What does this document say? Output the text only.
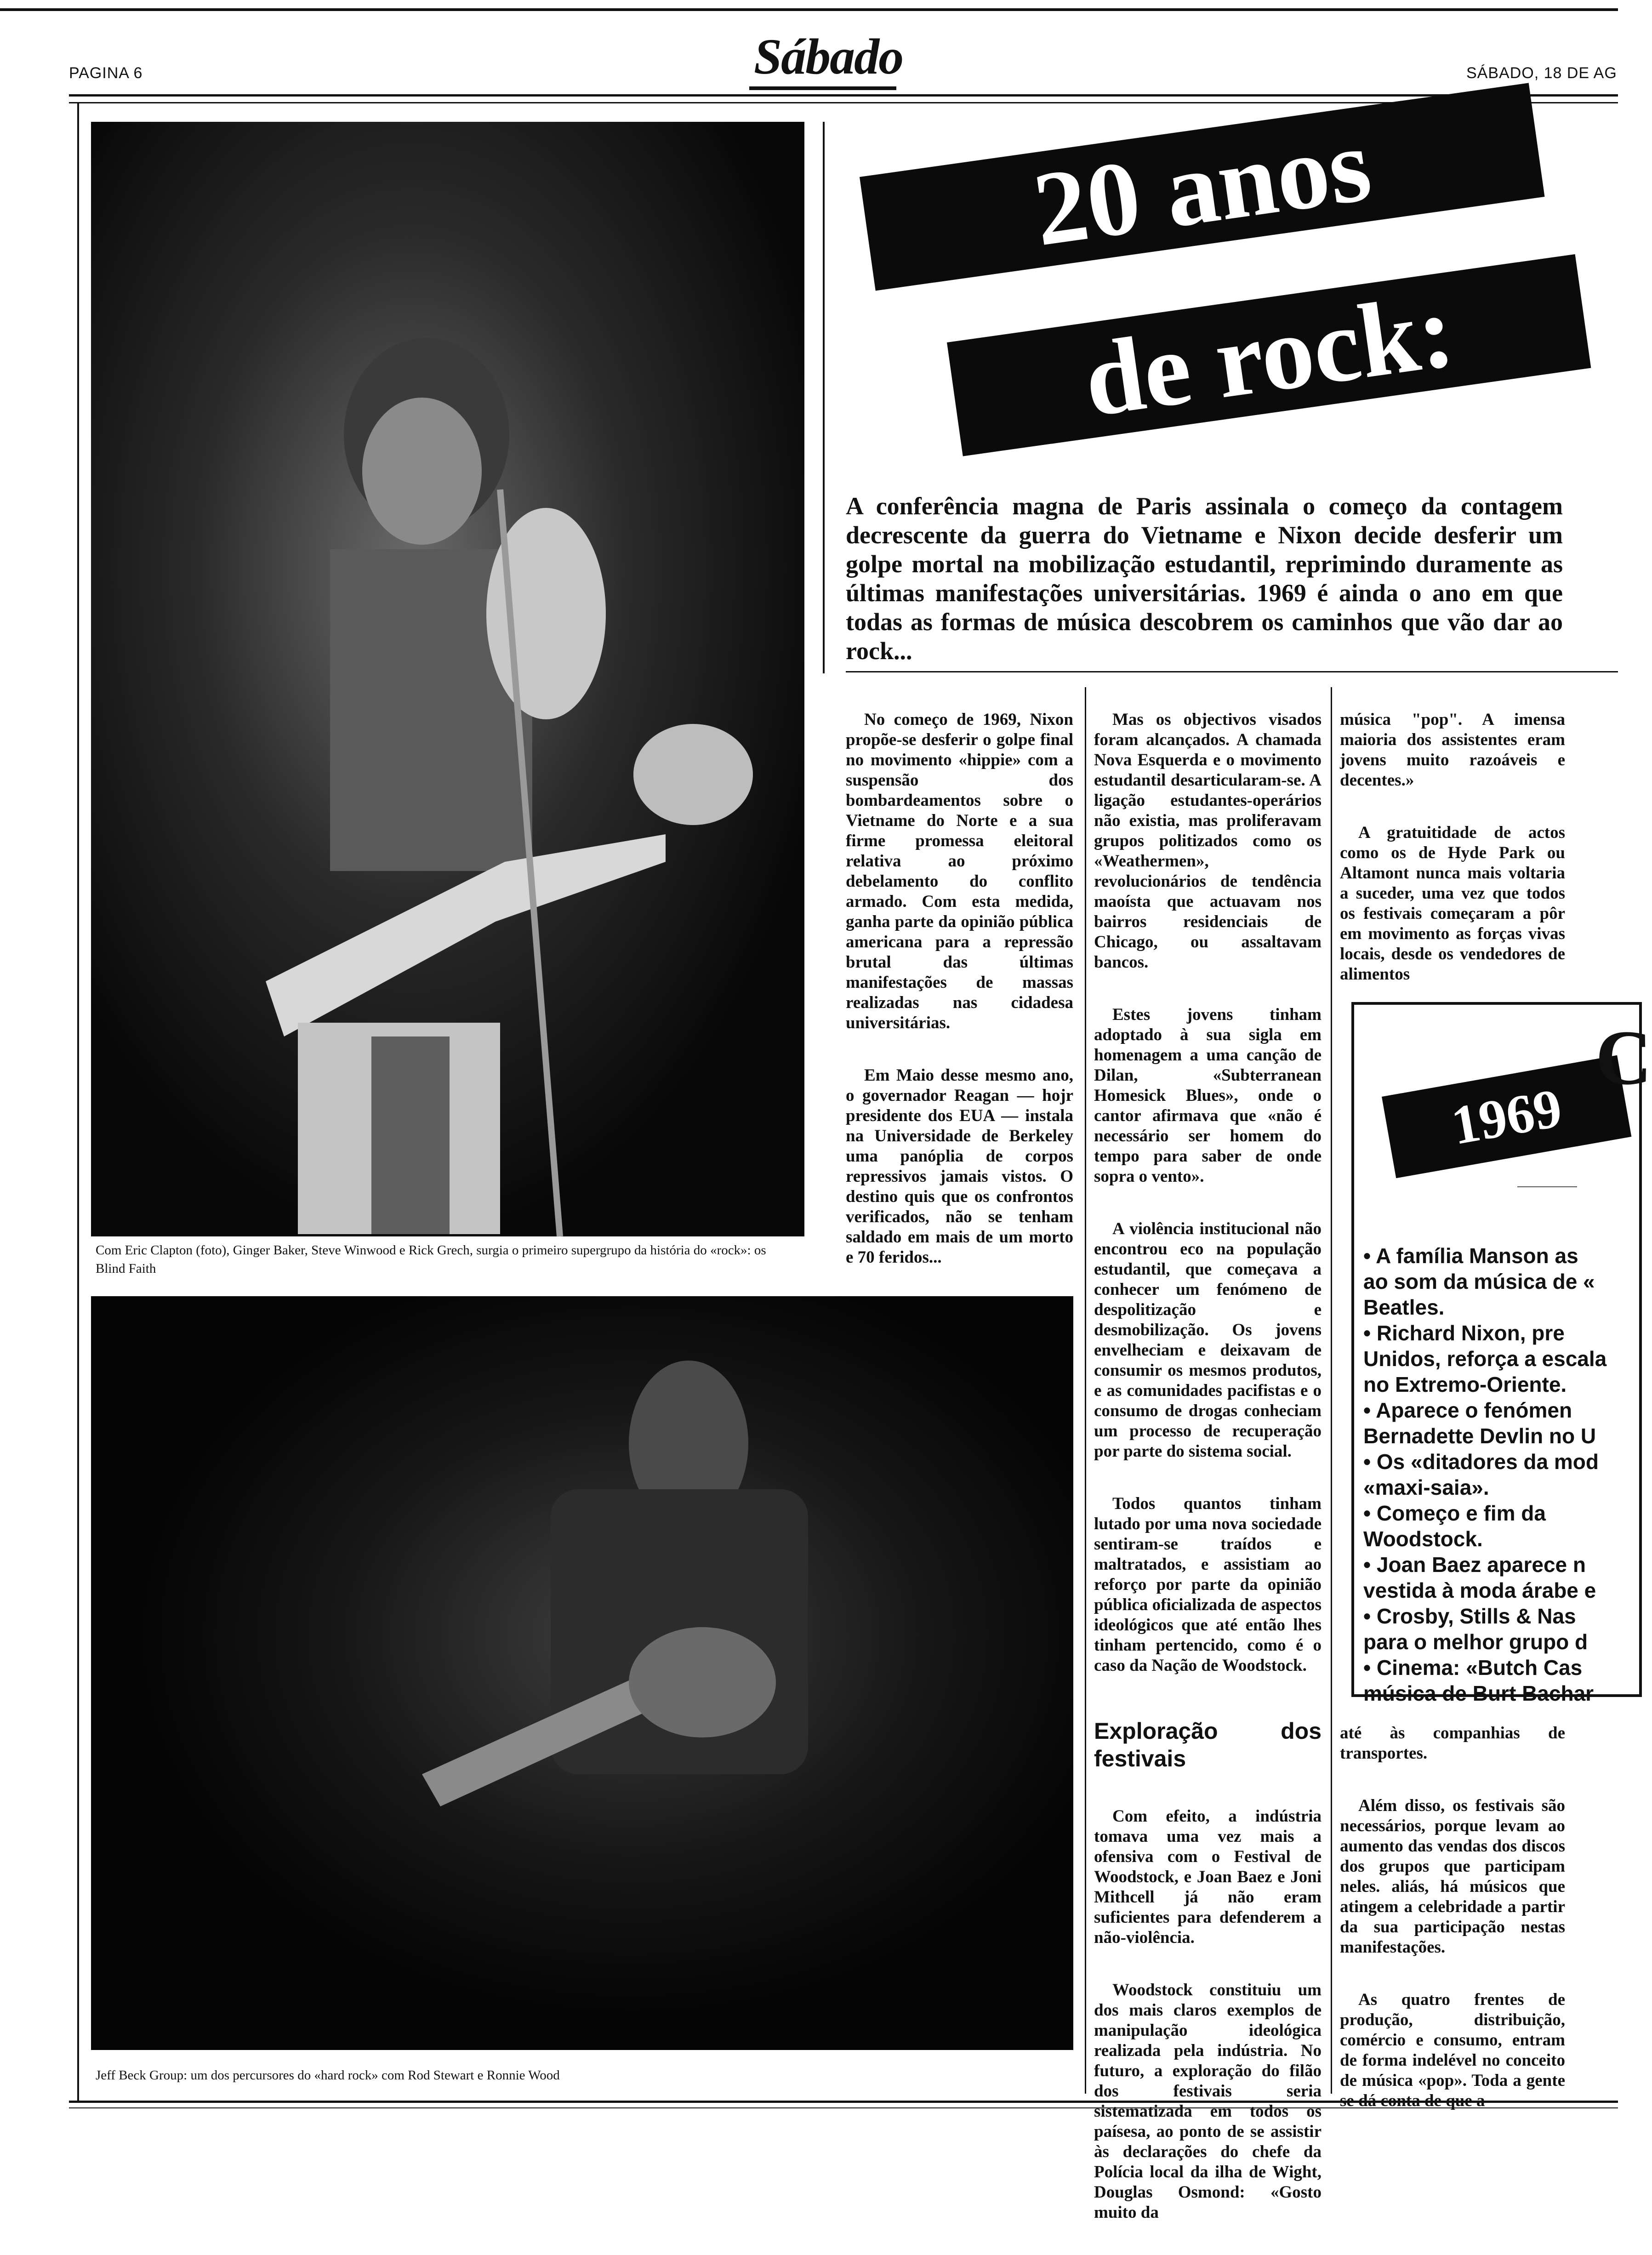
PAGINA 6	Sábado	SÁBADO, 18 DE AG
Com Eric Clapton (foto), Ginger Baker, Steve Winwood e Rick Grech, surgia o primeiro supergrupo da história do «rock»: os Blind Faith
Jeff Beck Group: um dos percursores do «hard rock» com Rod Stewart e Ronnie Wood
20 anos
de rock:
A conferência magna de Paris assinala o começo da contagem decrescente da guerra do Vietname e Nixon decide desferir um golpe mortal na mobilização estudantil, reprimindo duramente as últimas manifestações universitárias. 1969 é ainda o ano em que todas as formas de música descobrem os caminhos que vão dar ao rock...

No começo de 1969, Nixon propõe-se desferir o golpe final no movimento «hippie» com a suspensão dos bombardeamentos sobre o Vietname do Norte e a sua firme promessa eleitoral relativa ao próximo debelamento do conflito armado. Com esta medida, ganha parte da opinião pública americana para a repressão brutal das últimas manifestações de massas realizadas nas cidadesa universitárias.

Em Maio desse mesmo ano, o governador Reagan — hojr presidente dos EUA — instala na Universidade de Berkeley uma panóplia de corpos repressivos jamais vistos. O destino quis que os confrontos verificados, não se tenham saldado em mais de um morto e 70 feridos...

Mas os objectivos visados foram alcançados. A chamada Nova Esquerda e o movimento estudantil desarticularam-se. A ligação estudantes-operários não existia, mas proliferavam grupos politizados como os «Weathermen», revolucionários de tendência maoísta que actuavam nos bairros residenciais de Chicago, ou assaltavam bancos.

Estes jovens tinham adoptado à sua sigla em homenagem a uma canção de Dilan, «Subterranean Homesick Blues», onde o cantor afirmava que «não é necessário ser homem do tempo para saber de onde sopra o vento».

A violência institucional não encontrou eco na população estudantil, que começava a conhecer um fenómeno de despolitização e desmobilização. Os jovens envelheciam e deixavam de consumir os mesmos produtos, e as comunidades pacifistas e o consumo de drogas conheciam um processo de recuperação por parte do sistema social.

Todos quantos tinham lutado por uma nova sociedade sentiram-se traídos e maltratados, e assistiam ao reforço por parte da opinião pública oficializada de aspectos ideológicos que até então lhes tinham pertencido, como é o caso da Nação de Woodstock.

Exploração dos festivais

Com efeito, a indústria tomava uma vez mais a ofensiva com o Festival de Woodstock, e Joan Baez e Joni Mithcell já não eram suficientes para defenderem a não-violência.

Woodstock constituiu um dos mais claros exemplos de manipulação ideológica realizada pela indústria. No futuro, a exploração do filão dos festivais seria sistematizada em todos os paísesa, ao ponto de se assistir às declarações do chefe da Polícia local da ilha de Wight, Douglas Osmond: «Gosto muito da

música "pop". A imensa maioria dos assistentes eram jovens muito razoáveis e decentes.»

A gratuitidade de actos como os de Hyde Park ou Altamont nunca mais voltaria a suceder, uma vez que todos os festivais começaram a pôr em movimento as forças vivas locais, desde os vendedores de alimentos

até às companhias de transportes.

Além disso, os festivais são necessários, porque levam ao aumento das vendas dos discos dos grupos que participam neles. aliás, há músicos que atingem a celebridade a partir da sua participação nestas manifestações.

As quatro frentes de produção, distribuição, comércio e consumo, entram de forma indelével no conceito de música «pop». Toda a gente se dá conta de que a

1969
C
• A família Manson as
ao som da música de «
Beatles.
• Richard Nixon, pre
Unidos, reforça a escala
no Extremo-Oriente.
• Aparece o fenómen
Bernadette Devlin no U
• Os «ditadores da mod
«maxi-saia».
• Começo e fim da
Woodstock.
• Joan Baez aparece n
vestida à moda árabe e
• Crosby, Stills & Nas
para o melhor grupo d
• Cinema: «Butch Cas
música de Burt Bachar
